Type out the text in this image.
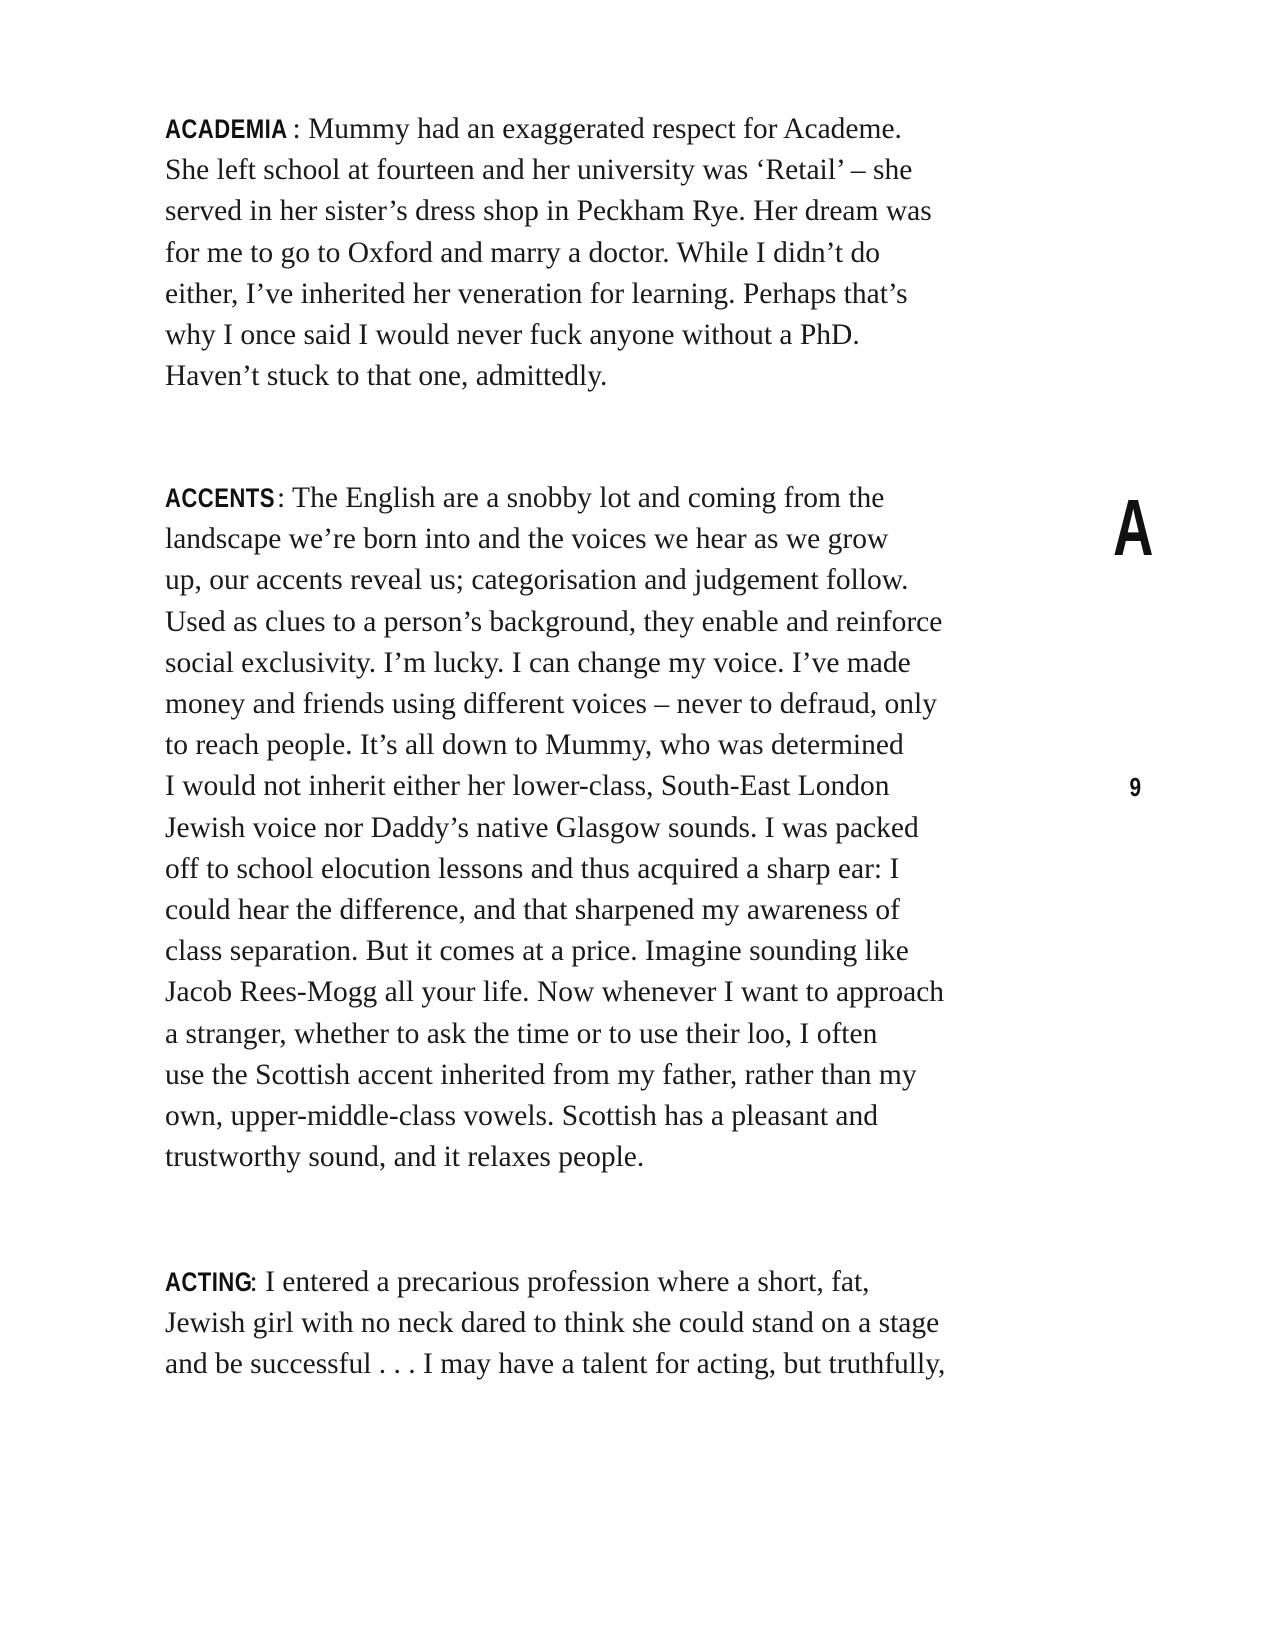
ACADEMIA : Mummy had an exaggerated respect for Academe.
She left school at fourteen and her university was ‘Retail’ – she
served in her sister’s dress shop in Peckham Rye. Her dream was
for me to go to Oxford and marry a doctor. While I didn’t do
either, I’ve inherited her veneration for learning. Perhaps that’s
why I once said I would never fuck anyone without a PhD.
Haven’t stuck to that one, admittedly.
ACCENTS: The English are a snobby lot and coming from the
landscape we’re born into and the voices we hear as we grow
up, our accents reveal us; categorisation and judgement follow.
Used as clues to a person’s background, they enable and reinforce
social exclusivity. I’m lucky. I can change my voice. I’ve made
money and friends using different voices – never to defraud, only
to reach people. It’s all down to Mummy, who was determined
I would not inherit either her lower-class, South-East London
Jewish voice nor Daddy’s native Glasgow sounds. I was packed
off to school elocution lessons and thus acquired a sharp ear: I
could hear the difference, and that sharpened my awareness of
class separation. But it comes at a price. Imagine sounding like
Jacob Rees-Mogg all your life. Now whenever I want to approach
a stranger, whether to ask the time or to use their loo, I often
use the Scottish accent inherited from my father, rather than my
own, upper-middle-class vowels. Scottish has a pleasant and
trustworthy sound, and it relaxes people.
ACTING: I entered a precarious profession where a short, fat,
Jewish girl with no neck dared to think she could stand on a stage
and be successful . . . I may have a talent for acting, but truthfully,
A
9
